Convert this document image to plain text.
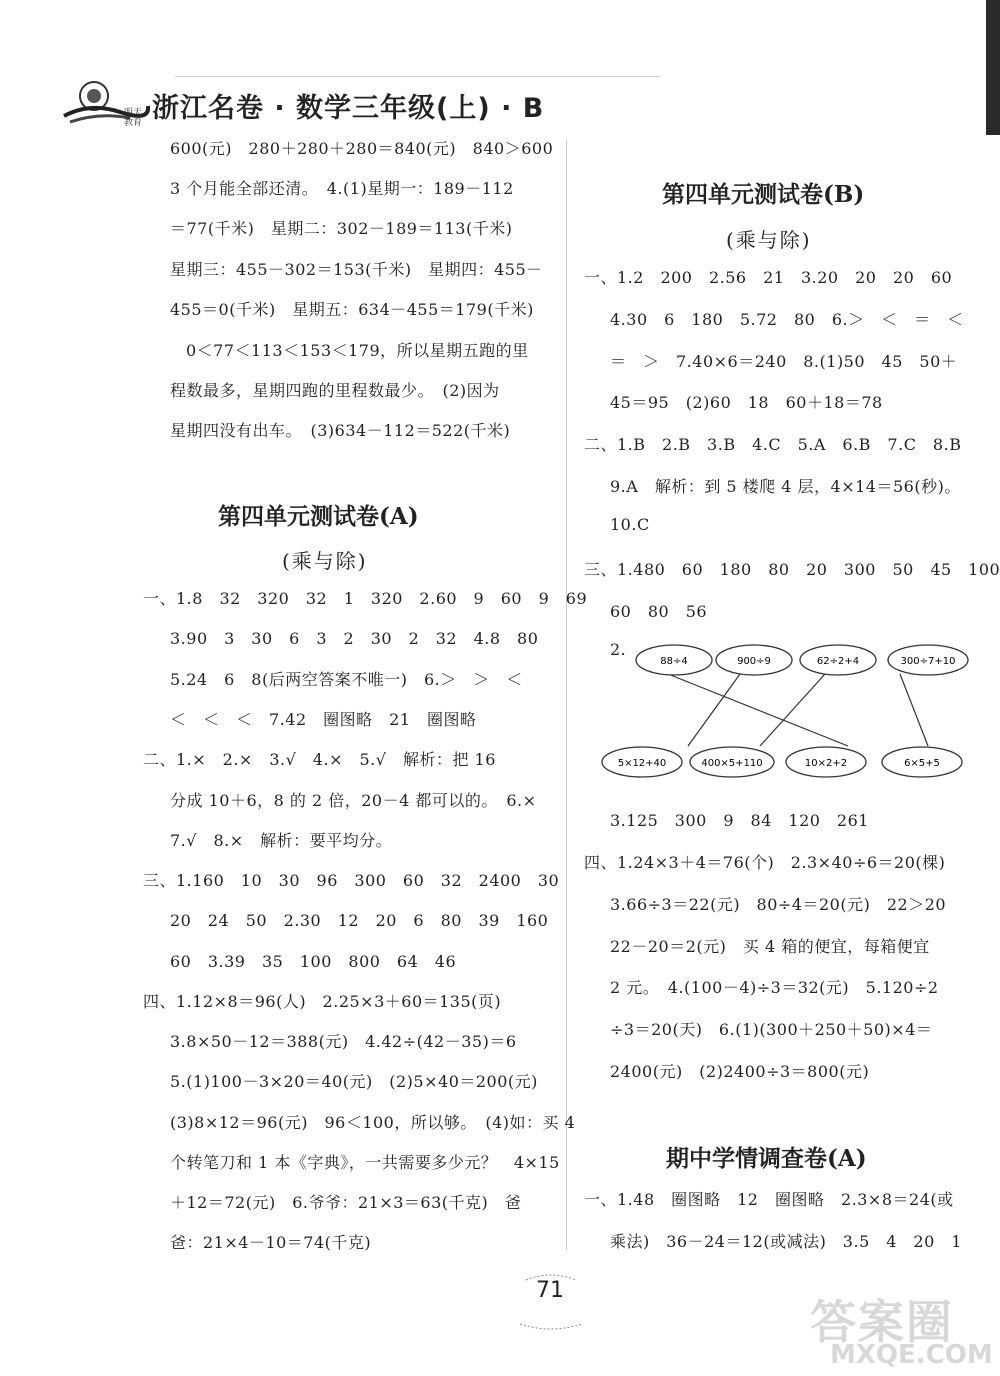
明天教育 浙江名卷 · 数学三年级(上) · B
600(元)　280＋280＋280＝840(元)　840＞600
3 个月能全部还清。　4.(1)星期一：189－112
＝77(千米)　星期二：302－189＝113(千米)
星期三：455－302＝153(千米)　星期四：455－
455＝0(千米)　星期五：634－455＝179(千米)
0＜77＜113＜153＜179，所以星期五跑的里
程数最多，星期四跑的里程数最少。　(2)因为
星期四没有出车。　(3)634－112＝522(千米)
第四单元测试卷(A)
(乘与除)
一、1.8　32　320　32　1　320　2.60　9　60　9　69
3.90　3　30　6　3　2　30　2　32　4.8　80
5.24　6　8(后两空答案不唯一)　6.＞　＞　＜
＜　＜　＜　7.42　圈图略　21　圈图略
二、1.×　2.×　3.√　4.×　5.√　解析：把 16
分成 10＋6，8 的 2 倍，20－4 都可以的。　6.×
7.√　8.×　解析：要平均分。
三、1.160　10　30　96　300　60　32　2400　30
20　24　50　2.30　12　20　6　80　39　160
60　3.39　35　100　800　64　46
四、1.12×8＝96(人)　2.25×3＋60＝135(页)
3.8×50－12＝388(元)　4.42÷(42－35)＝6
5.(1)100－3×20＝40(元)　(2)5×40＝200(元)
(3)8×12＝96(元)　96＜100，所以够。　(4)如：买 4
个转笔刀和 1 本《字典》，一共需要多少元？　4×15
＋12＝72(元)　6.爷爷：21×3＝63(千克)　爸
爸：21×4－10＝74(千克)
第四单元测试卷(B)
(乘与除)
一、1.2　200　2.56　21　3.20　20　20　60
4.30　6　180　5.72　80　6.＞　＜　＝　＜
＝　＞　7.40×6＝240　8.(1)50　45　50＋
45＝95　(2)60　18　60＋18＝78
二、1.B　2.B　3.B　4.C　5.A　6.B　7.C　8.B
9.A　解析：到 5 楼爬 4 层，4×14＝56(秒)。
10.C
三、1.480　60　180　80　20　300　50　45　100
60　80　56
2.
88÷4	900÷9	62÷2+4	300÷7+10
5×12+40	400×5+110	10×2+2	6×5+5
3.125　300　9　84　120　261
四、1.24×3＋4＝76(个)　2.3×40÷6＝20(棵)
3.66÷3＝22(元)　80÷4＝20(元)　22＞20
22－20＝2(元)　买 4 箱的便宜，每箱便宜
2 元。　4.(100－4)÷3＝32(元)　5.120÷2
÷3＝20(天)　6.(1)(300＋250＋50)×4＝
2400(元)　(2)2400÷3＝800(元)
期中学情调查卷(A)
一、1.48　圈图略　12　圈图略　2.3×8＝24(或
乘法)　36－24＝12(或减法)　3.5　4　20　1
71
答案圈
MXQE.COM
